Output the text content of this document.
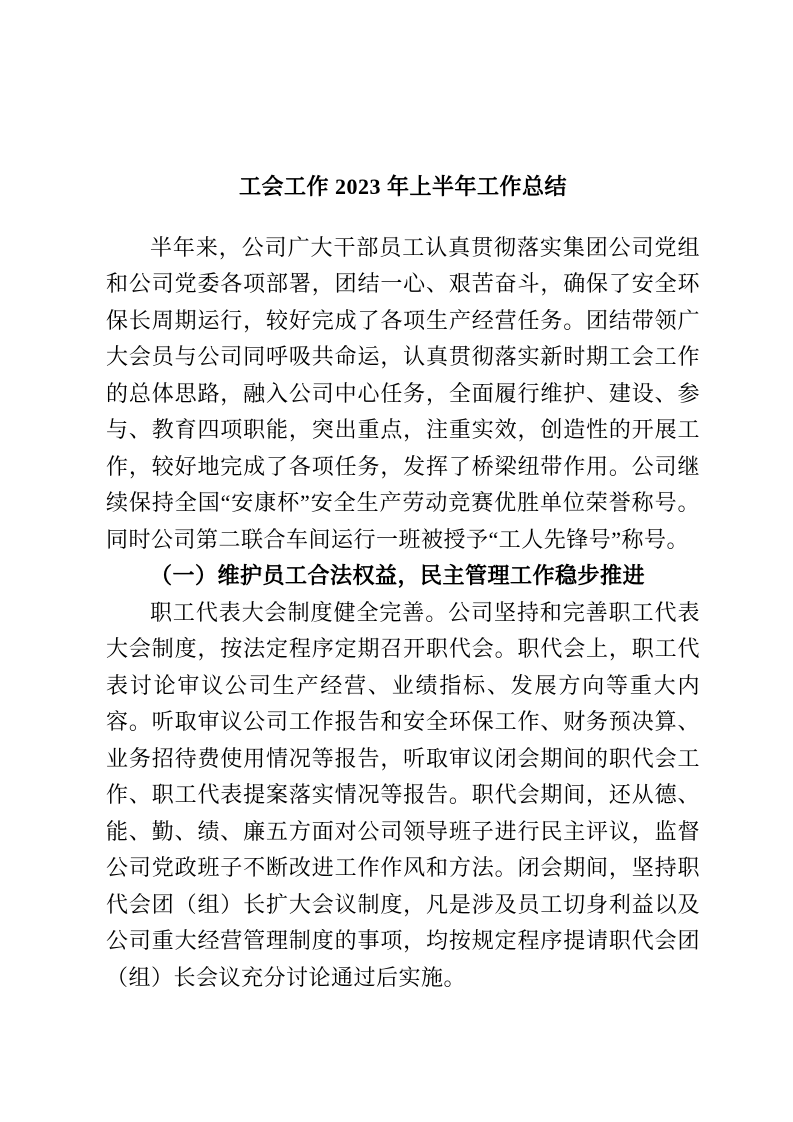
工会工作 2023 年上半年工作总结

半年来，公司广大干部员工认真贯彻落实集团公司党组和公司党委各项部署，团结一心、艰苦奋斗，确保了安全环保长周期运行，较好完成了各项生产经营任务。团结带领广大会员与公司同呼吸共命运，认真贯彻落实新时期工会工作的总体思路，融入公司中心任务，全面履行维护、建设、参与、教育四项职能，突出重点，注重实效，创造性的开展工作，较好地完成了各项任务，发挥了桥梁纽带作用。公司继续保持全国“安康杯”安全生产劳动竞赛优胜单位荣誉称号。同时公司第二联合车间运行一班被授予“工人先锋号”称号。

（一）维护员工合法权益，民主管理工作稳步推进

职工代表大会制度健全完善。公司坚持和完善职工代表大会制度，按法定程序定期召开职代会。职代会上，职工代表讨论审议公司生产经营、业绩指标、发展方向等重大内容。听取审议公司工作报告和安全环保工作、财务预决算、业务招待费使用情况等报告，听取审议闭会期间的职代会工作、职工代表提案落实情况等报告。职代会期间，还从德、能、勤、绩、廉五方面对公司领导班子进行民主评议，监督公司党政班子不断改进工作作风和方法。闭会期间，坚持职代会团（组）长扩大会议制度，凡是涉及员工切身利益以及公司重大经营管理制度的事项，均按规定程序提请职代会团（组）长会议充分讨论通过后实施。
